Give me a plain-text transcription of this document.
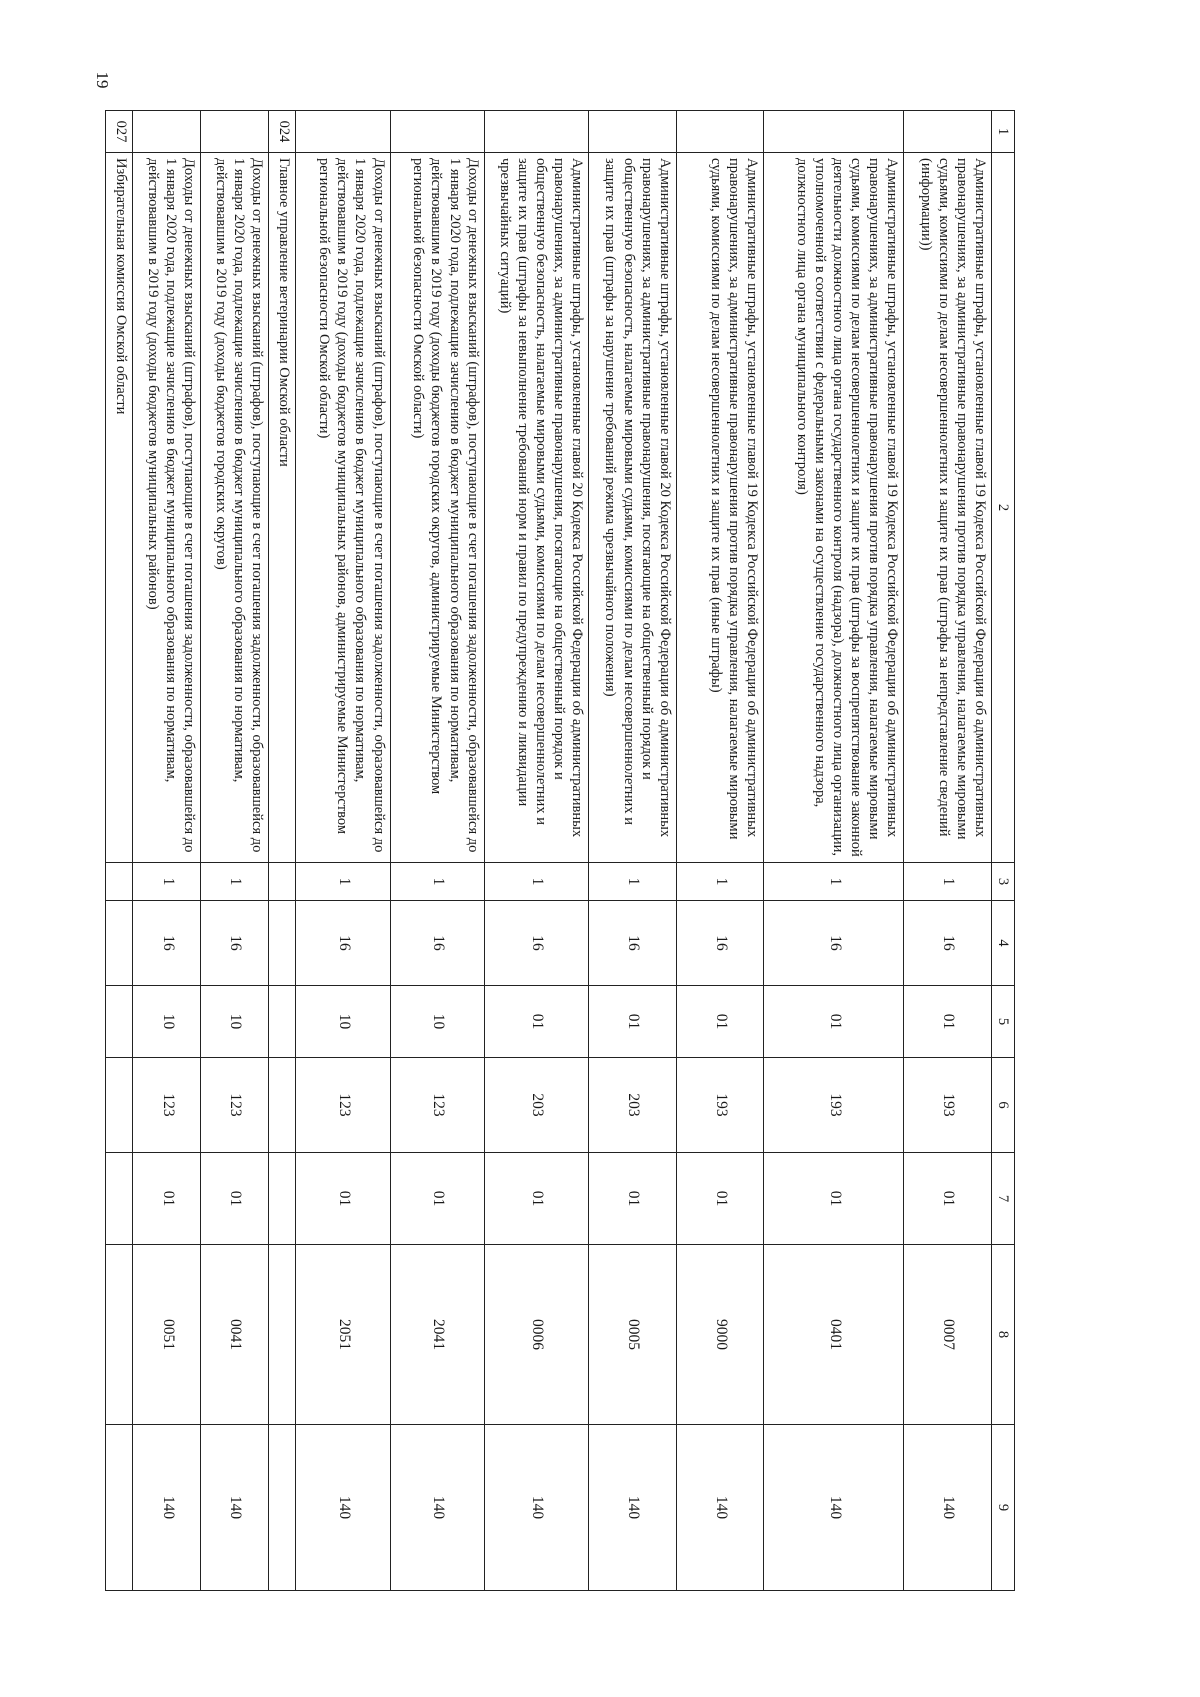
19
1	2	3	4	5	6	7	8	9
	Административные штрафы, установленные главой 19 Кодекса Российской Федерации об административных правонарушениях, за административные правонарушения против порядка управления, налагаемые мировыми судьями, комиссиями по делам несовершеннолетних и защите их прав (штрафы за непредставление сведений (информации))	1	16	01	193	01	0007	140
	Административные штрафы, установленные главой 19 Кодекса Российской Федерации об административных правонарушениях, за административные правонарушения против порядка управления, налагаемые мировыми судьями, комиссиями по делам несовершеннолетних и защите их прав (штрафы за воспрепятствование законной деятельности должностного лица органа государственного контроля (надзора), должностного лица организации, уполномоченной в соответствии с федеральными законами на осуществление государственного надзора, должностного лица органа муниципального контроля)	1	16	01	193	01	0401	140
	Административные штрафы, установленные главой 19 Кодекса Российской Федерации об административных правонарушениях, за административные правонарушения против порядка управления, налагаемые мировыми судьями, комиссиями по делам несовершеннолетних и защите их прав (иные штрафы)	1	16	01	193	01	9000	140
	Административные штрафы, установленные главой 20 Кодекса Российской Федерации об административных правонарушениях, за административные правонарушения, посягающие на общественный порядок и общественную безопасность, налагаемые мировыми судьями, комиссиями по делам несовершеннолетних и защите их прав (штрафы за нарушение требований режима чрезвычайного положения)	1	16	01	203	01	0005	140
	Административные штрафы, установленные главой 20 Кодекса Российской Федерации об административных правонарушениях, за административные правонарушения, посягающие на общественный порядок и общественную безопасность, налагаемые мировыми судьями, комиссиями по делам несовершеннолетних и защите их прав (штрафы за невыполнение требований норм и правил по предупреждению и ликвидации чрезвычайных ситуаций)	1	16	01	203	01	0006	140
	Доходы от денежных взысканий (штрафов), поступающие в счет погашения задолженности, образовавшейся до 1 января 2020 года, подлежащие зачислению в бюджет муниципального образования по нормативам, действовавшим в 2019 году (доходы бюджетов городских округов, администрируемые Министерством региональной безопасности Омской области)	1	16	10	123	01	2041	140
	Доходы от денежных взысканий (штрафов), поступающие в счет погашения задолженности, образовавшейся до 1 января 2020 года, подлежащие зачислению в бюджет муниципального образования по нормативам, действовавшим в 2019 году (доходы бюджетов муниципальных районов, администрируемые Министерством региональной безопасности Омской области)	1	16	10	123	01	2051	140
024	Главное управление ветеринарии Омской области							
	Доходы от денежных взысканий (штрафов), поступающие в счет погашения задолженности, образовавшейся до 1 января 2020 года, подлежащие зачислению в бюджет муниципального образования по нормативам, действовавшим в 2019 году (доходы бюджетов городских округов)	1	16	10	123	01	0041	140
	Доходы от денежных взысканий (штрафов), поступающие в счет погашения задолженности, образовавшейся до 1 января 2020 года, подлежащие зачислению в бюджет муниципального образования по нормативам, действовавшим в 2019 году (доходы бюджетов муниципальных районов)	1	16	10	123	01	0051	140
027	Избирательная комиссия Омской области							
